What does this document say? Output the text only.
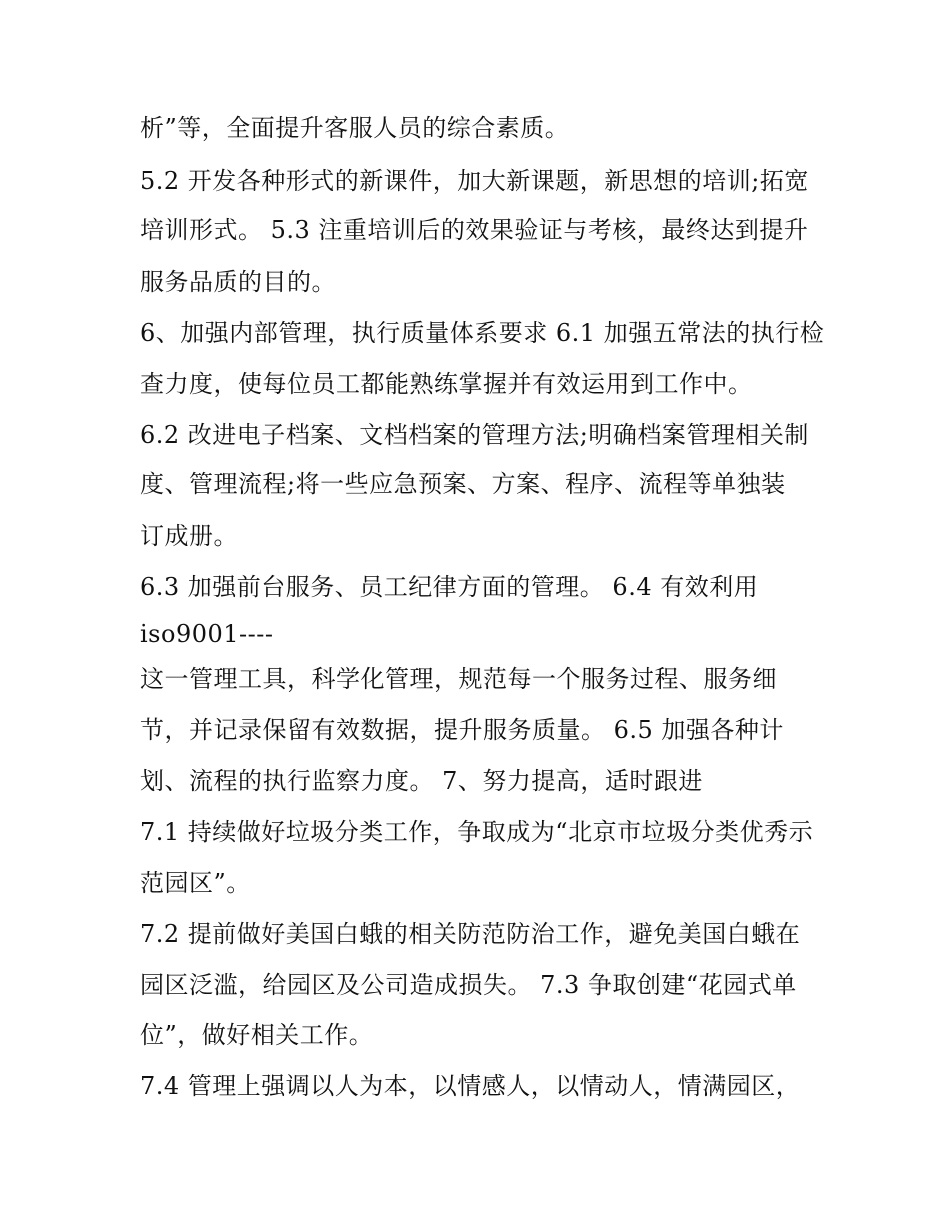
析”等，全面提升客服人员的综合素质。
5.2 开发各种形式的新课件，加大新课题，新思想的培训;拓宽
培训形式。 5.3 注重培训后的效果验证与考核，最终达到提升
服务品质的目的。
6、加强内部管理，执行质量体系要求 6.1 加强五常法的执行检
查力度，使每位员工都能熟练掌握并有效运用到工作中。
6.2 改进电子档案、文档档案的管理方法;明确档案管理相关制
度、管理流程;将一些应急预案、方案、程序、流程等单独装
订成册。
6.3 加强前台服务、员工纪律方面的管理。 6.4 有效利用
iso9001----
这一管理工具，科学化管理，规范每一个服务过程、服务细
节，并记录保留有效数据，提升服务质量。 6.5 加强各种计
划、流程的执行监察力度。 7、努力提高，适时跟进
7.1 持续做好垃圾分类工作，争取成为“北京市垃圾分类优秀示
范园区”。
7.2 提前做好美国白蛾的相关防范防治工作，避免美国白蛾在
园区泛滥，给园区及公司造成损失。 7.3 争取创建“花园式单
位”，做好相关工作。
7.4 管理上强调以人为本，以情感人，以情动人，情满园区，
